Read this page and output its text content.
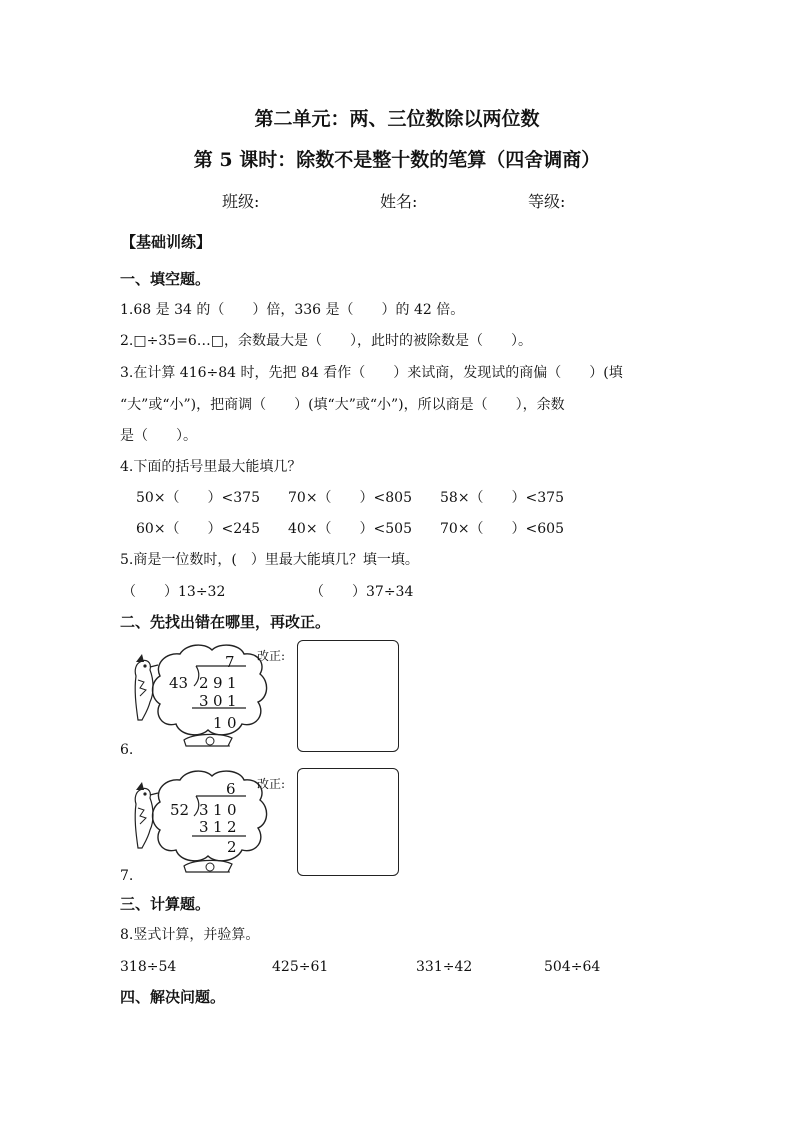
第二单元：两、三位数除以两位数
第 5 课时：除数不是整十数的笔算（四舍调商）
班级:	姓名:	等级:
【基础训练】
一、填空题。
1.68 是 34 的（　　）倍，336 是（　　）的 42 倍。
2.□÷35=6…□，余数最大是（　　），此时的被除数是（　　）。
3.在计算 416÷84 时，先把 84 看作（　　）来试商，发现试的商偏（　　）(填
“大”或“小”)，把商调（　　）(填“大”或“小”)，所以商是（　　），余数
是（　　）。
4.下面的括号里最大能填几？
50×（　　）<375 70×（　　）<805 58×（　　）<375
60×（　　）<245 40×（　　）<505 70×（　　）<605
5.商是一位数时，(　）里最大能填几？填一填。
（　　）13÷32	（　　）37÷34
二、先找出错在哪里，再改正。
7
43 2 9 1
3 0 1
1 0
6.
改正:
6
52 3 1 0
3 1 2
2
7.
改正:
三、计算题。
8.竖式计算，并验算。
318÷54	425÷61	331÷42	504÷64
四、解决问题。
